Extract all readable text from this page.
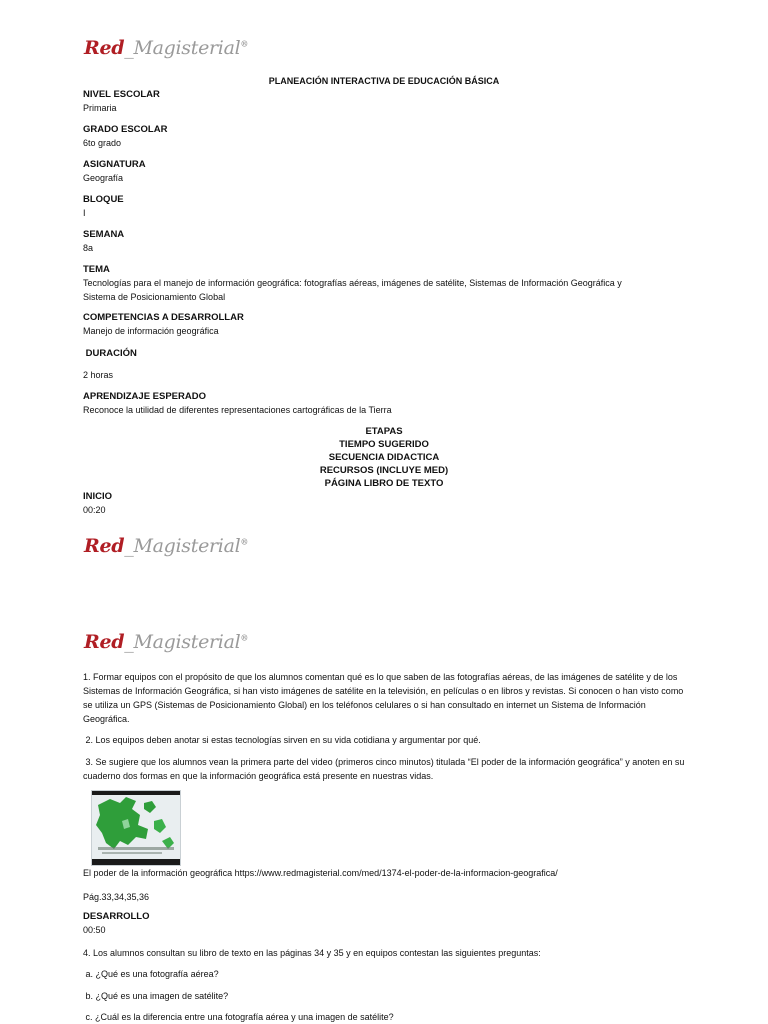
Red_Magisterial®
PLANEACIÓN INTERACTIVA DE EDUCACIÓN BÁSICA
NIVEL ESCOLAR
Primaria
GRADO ESCOLAR
6to grado
ASIGNATURA
Geografía
BLOQUE
I
SEMANA
8a
TEMA
Tecnologías para el manejo de información geográfica: fotografías aéreas, imágenes de satélite, Sistemas de Información Geográfica y
Sistema de Posicionamiento Global
COMPETENCIAS A DESARROLLAR
Manejo de información geográfica
DURACIÓN
2 horas
APRENDIZAJE ESPERADO
Reconoce la utilidad de diferentes representaciones cartográficas de la Tierra
ETAPAS
TIEMPO SUGERIDO
SECUENCIA DIDACTICA
RECURSOS (INCLUYE MED)
PÁGINA LIBRO DE TEXTO
INICIO
00:20
Red_Magisterial®
Red_Magisterial®
1. Formar equipos con el propósito de que los alumnos comentan qué es lo que saben de las fotografías aéreas, de las imágenes de satélite y de los Sistemas de Información Geográfica, si han visto imágenes de satélite en la televisión, en películas o en libros y revistas. Si conocen o han visto como se utiliza un GPS (Sistemas de Posicionamiento Global) en los teléfonos celulares o si han consultado en internet un Sistema de Información Geográfica.
2. Los equipos deben anotar si estas tecnologías sirven en su vida cotidiana y argumentar por qué.
3. Se sugiere que los alumnos vean la primera parte del video (primeros cinco minutos) titulada “El poder de la información geográfica” y anoten en su cuaderno dos formas en que la información geográfica está presente en nuestras vidas.
El poder de la información geográfica https://www.redmagisterial.com/med/1374-el-poder-de-la-informacion-geografica/
Pág.33,34,35,36
DESARROLLO
00:50
4. Los alumnos consultan su libro de texto en las páginas 34 y 35 y en equipos contestan las siguientes preguntas:
a. ¿Qué es una fotografía aérea?
b. ¿Qué es una imagen de satélite?
c. ¿Cuál es la diferencia entre una fotografía aérea y una imagen de satélite?
